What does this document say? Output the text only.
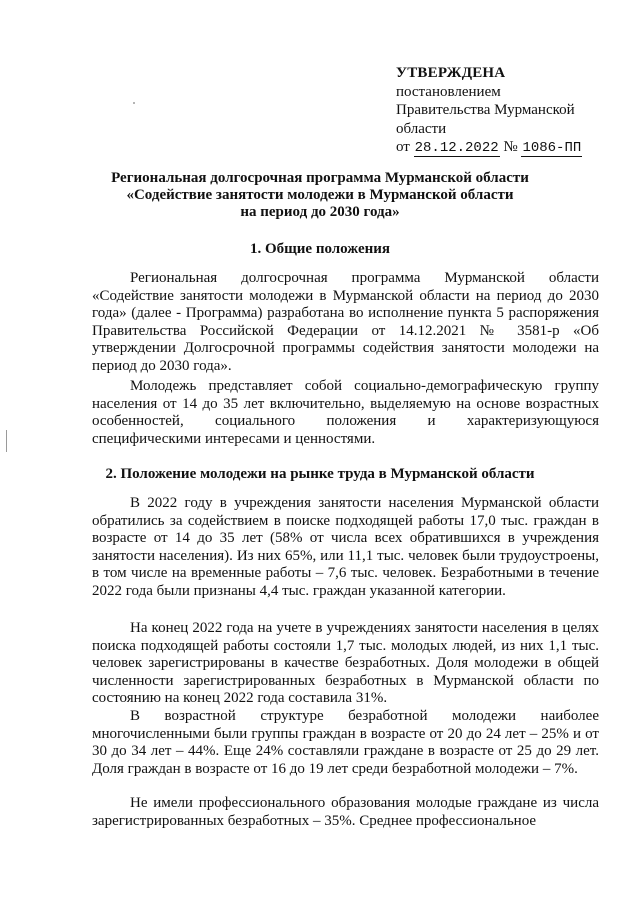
УТВЕРЖДЕНА
постановлением
Правительства Мурманской
области
от 28.12.2022 № 1086-ПП
Региональная долгосрочная программа Мурманской области
«Содействие занятости молодежи в Мурманской области
на период до 2030 года»
1. Общие положения

Региональная долгосрочная программа Мурманской области «Содействие занятости молодежи в Мурманской области на период до 2030 года» (далее - Программа) разработана во исполнение пункта 5 распоряжения Правительства Российской Федерации от 14.12.2021 № 3581-р «Об утверждении Долгосрочной программы содействия занятости молодежи на период до 2030 года».

Молодежь представляет собой социально-демографическую группу населения от 14 до 35 лет включительно, выделяемую на основе возрастных особенностей, социального положения и характеризующуюся специфическими интересами и ценностями.

2. Положение молодежи на рынке труда в Мурманской области

В 2022 году в учреждения занятости населения Мурманской области обратились за содействием в поиске подходящей работы 17,0 тыс. граждан в возрасте от 14 до 35 лет (58% от числа всех обратившихся в учреждения занятости населения). Из них 65%, или 11,1 тыс. человек были трудоустроены, в том числе на временные работы – 7,6 тыс. человек. Безработными в течение 2022 года были признаны 4,4 тыс. граждан указанной категории.

На конец 2022 года на учете в учреждениях занятости населения в целях поиска подходящей работы состояли 1,7 тыс. молодых людей, из них 1,1 тыс. человек зарегистрированы в качестве безработных. Доля молодежи в общей численности зарегистрированных безработных в Мурманской области по состоянию на конец 2022 года составила 31%.

В возрастной структуре безработной молодежи наиболее многочисленными были группы граждан в возрасте от 20 до 24 лет – 25% и от 30 до 34 лет – 44%. Еще 24% составляли граждане в возрасте от 25 до 29 лет. Доля граждан в возрасте от 16 до 19 лет среди безработной молодежи – 7%.

Не имели профессионального образования молодые граждане из числа зарегистрированных безработных – 35%. Среднее профессиональное
